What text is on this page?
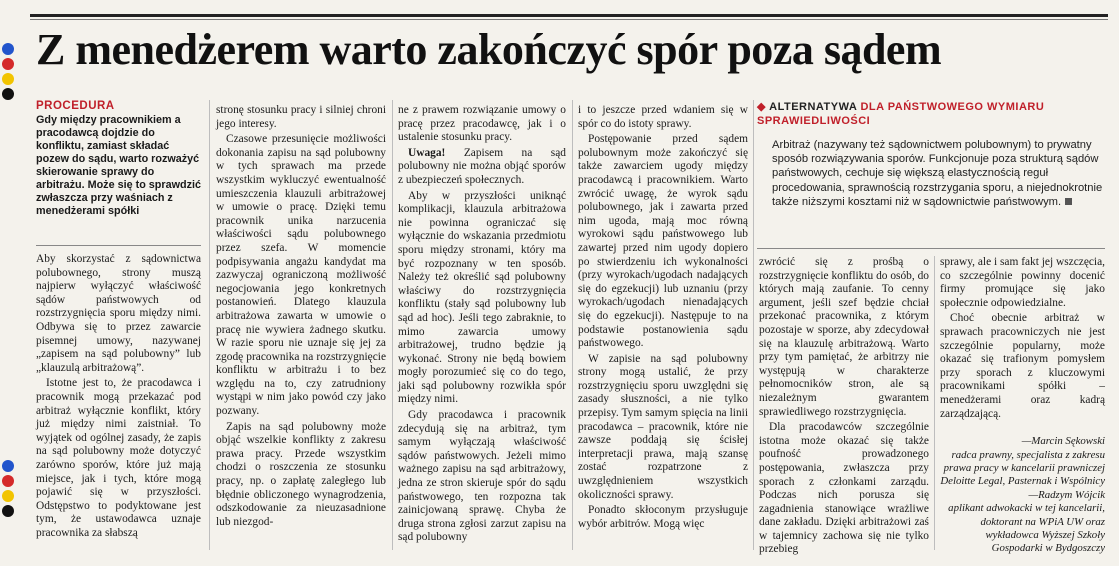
Z menedżerem warto zakończyć spór poza sądem
PROCEDURA
Gdy między pracownikiem a pracodawcą dojdzie do konfliktu, zamiast składać pozew do sądu, warto rozważyć skierowanie sprawy do arbitrażu. Może się to sprawdzić zwłaszcza przy waśniach z menedżerami spółki

Aby skorzystać z sądownictwa polubownego, strony muszą najpierw wyłączyć właściwość sądów państwowych od rozstrzygnięcia sporu między nimi. Odbywa się to przez zawarcie pisemnej umowy, nazywanej „zapisem na sąd polubowny” lub „klauzulą arbitrażową”.

Istotne jest to, że pracodawca i pracownik mogą przekazać pod arbitraż wyłącznie konflikt, który już między nimi zaistniał. To wyjątek od ogólnej zasady, że zapis na sąd polubowny może dotyczyć zarówno sporów, które już mają miejsce, jak i tych, które mogą pojawić się w przyszłości. Odstępstwo to podyktowane jest tym, że ustawodawca uznaje pracownika za słabszą

stronę stosunku pracy i silniej chroni jego interesy.

Czasowe przesunięcie możliwości dokonania zapisu na sąd polubowny w tych sprawach ma przede wszystkim wykluczyć ewentualność umieszczenia klauzuli arbitrażowej w umowie o pracę. Dzięki temu pracownik unika narzucenia właściwości sądu polubownego przez szefa. W momencie podpisywania angażu kandydat ma zazwyczaj ograniczoną możliwość negocjowania jego konkretnych postanowień. Dlatego klauzula arbitrażowa zawarta w umowie o pracę nie wywiera żadnego skutku. W razie sporu nie uznaje się jej za zgodę pracownika na rozstrzygnięcie konfliktu w arbitrażu i to bez względu na to, czy zatrudniony wystąpi w nim jako powód czy jako pozwany.

Zapis na sąd polubowny może objąć wszelkie konflikty z zakresu prawa pracy. Przede wszystkim chodzi o roszczenia ze stosunku pracy, np. o zapłatę zaległego lub błędnie obliczonego wynagrodzenia, odszkodowanie za nieuzasadnione lub niezgod-

ne z prawem rozwiązanie umowy o pracę przez pracodawcę, jak i o ustalenie stosunku pracy.

Uwaga! Zapisem na sąd polubowny nie można objąć sporów z ubezpieczeń społecznych.

Aby w przyszłości uniknąć komplikacji, klauzula arbitrażowa nie powinna ograniczać się wyłącznie do wskazania przedmiotu sporu między stronami, który ma być rozpoznany w ten sposób. Należy też określić sąd polubowny właściwy do rozstrzygnięcia konfliktu (stały sąd polubowny lub sąd ad hoc). Jeśli tego zabraknie, to mimo zawarcia umowy arbitrażowej, trudno będzie ją wykonać. Strony nie będą bowiem mogły porozumieć się co do tego, jaki sąd polubowny rozwikła spór między nimi.

Gdy pracodawca i pracownik zdecydują się na arbitraż, tym samym wyłączają właściwość sądów państwowych. Jeżeli mimo ważnego zapisu na sąd arbitrażowy, jedna ze stron skieruje spór do sądu państwowego, ten rozpozna tak zainicjowaną sprawę. Chyba że druga strona zgłosi zarzut zapisu na sąd polubowny

i to jeszcze przed wdaniem się w spór co do istoty sprawy.

Postępowanie przed sądem polubownym może zakończyć się także zawarciem ugody między pracodawcą i pracownikiem. Warto zwrócić uwagę, że wyrok sądu polubownego, jak i zawarta przed nim ugoda, mają moc równą wyrokowi sądu państwowego lub zawartej przed nim ugody dopiero po stwierdzeniu ich wykonalności (przy wyrokach/ugodach nadających się do egzekucji) lub uznaniu (przy wyrokach/ugodach nienadających się do egzekucji). Następuje to na podstawie postanowienia sądu państwowego.

W zapisie na sąd polubowny strony mogą ustalić, że przy rozstrzygnięciu sporu uwzględni się zasady słuszności, a nie tylko przepisy. Tym samym spięcia na linii pracodawca – pracownik, które nie zawsze poddają się ścisłej interpretacji prawa, mają szansę zostać rozpatrzone z uwzględnieniem wszystkich okoliczności sprawy.

Ponadto skłoconym przysługuje wybór arbitrów. Mogą więc

◆ ALTERNATYWA DLA PAŃSTWOWEGO WYMIARU SPRAWIEDLIWOŚCI
Arbitraż (nazywany też sądownictwem polubownym) to prywatny sposób rozwiązywania sporów. Funkcjonuje poza strukturą sądów państwowych, cechuje się większą elastycznością reguł procedowania, sprawnością rozstrzygania sporu, a niejednokrotnie także niższymi kosztami niż w sądownictwie państwowym.

zwrócić się z prośbą o rozstrzygnięcie konfliktu do osób, do których mają zaufanie. To cenny argument, jeśli szef będzie chciał przekonać pracownika, z którym pozostaje w sporze, aby zdecydował się na klauzulę arbitrażową. Warto przy tym pamiętać, że arbitrzy nie występują w charakterze pełnomocników stron, ale są niezależnym gwarantem sprawiedliwego rozstrzygnięcia.

Dla pracodawców szczególnie istotna może okazać się także poufność prowadzonego postępowania, zwłaszcza przy sporach z członkami zarządu. Podczas nich porusza się zagadnienia stanowiące wrażliwe dane zakładu. Dzięki arbitrażowi zaś w tajemnicy zachowa się nie tylko przebieg

sprawy, ale i sam fakt jej wszczęcia, co szczególnie powinny docenić firmy promujące się jako społecznie odpowiedzialne.

Choć obecnie arbitraż w sprawach pracowniczych nie jest szczególnie popularny, może okazać się trafionym pomysłem przy sporach z kluczowymi pracownikami spółki – menedżerami oraz kadrą zarządzającą.

—Marcin Sękowski

radca prawny, specjalista z zakresu prawa pracy w kancelarii prawniczej Deloitte Legal, Pasternak i Wspólnicy

—Radzym Wójcik

aplikant adwokacki w tej kancelarii, doktorant na WPiA UW oraz wykładowca Wyższej Szkoły Gospodarki w Bydgoszczy
